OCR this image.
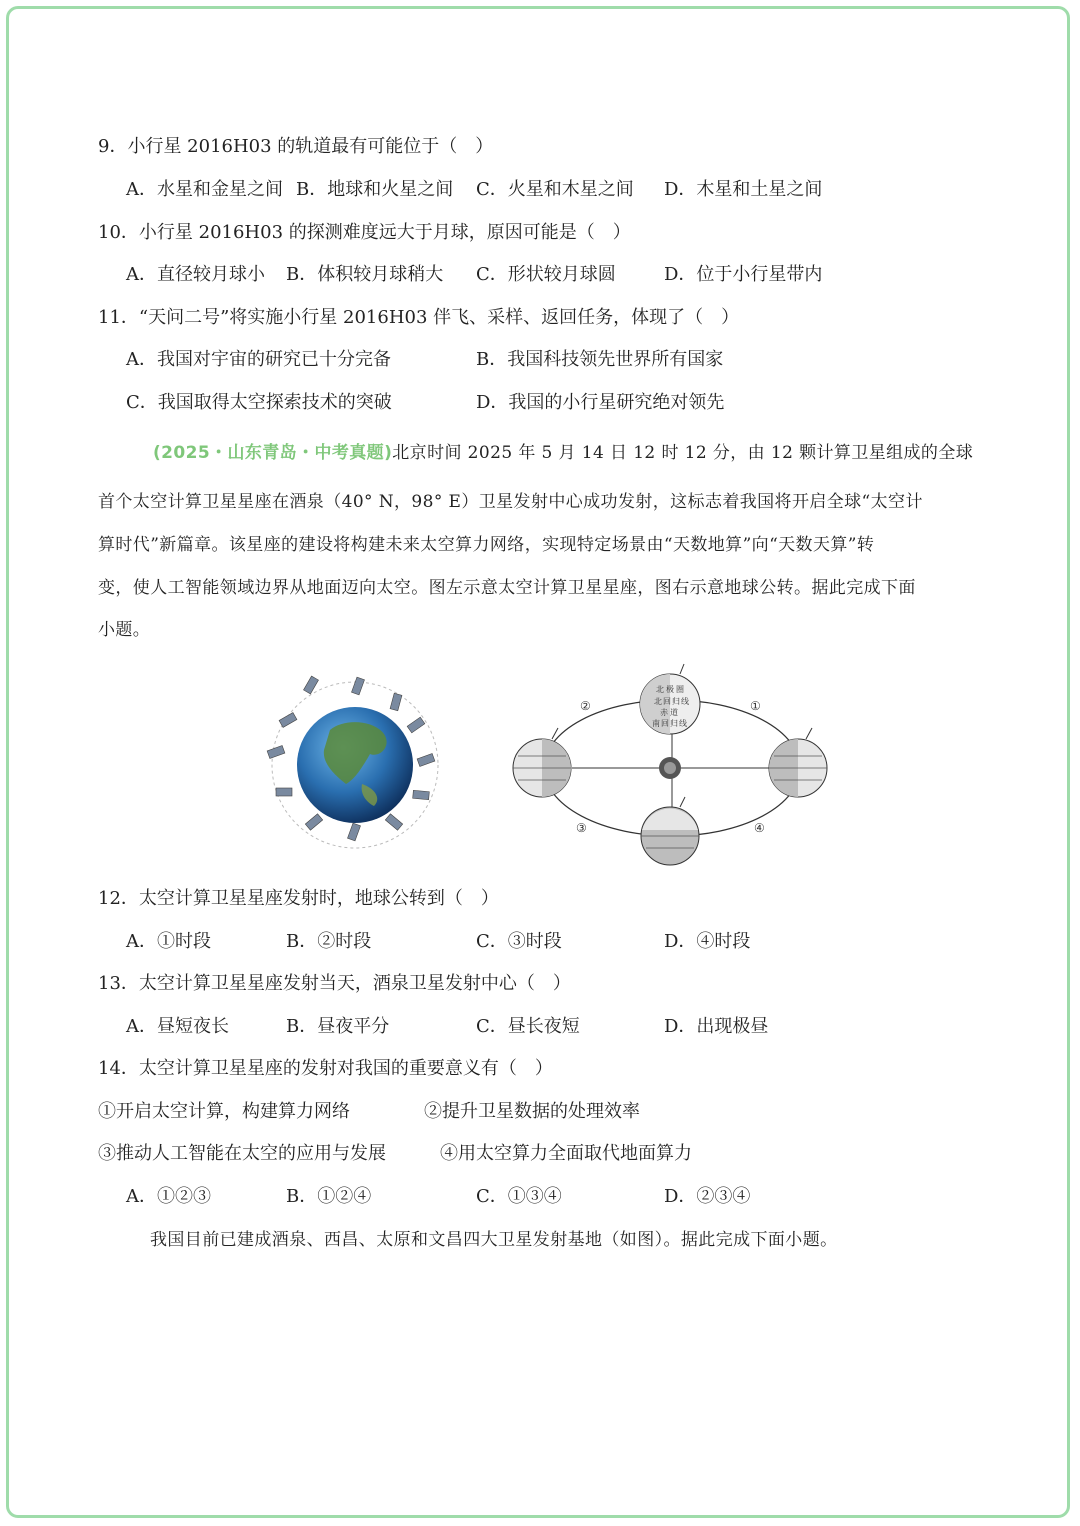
9．小行星 2016H03 的轨道最有可能位于（　）
A．水星和金星之间 B．地球和火星之间 C．火星和木星之间 D．木星和土星之间
10．小行星 2016H03 的探测难度远大于月球，原因可能是（　）
A．直径较月球小 B．体积较月球稍大 C．形状较月球圆	D．位于小行星带内
11．“天问二号”将实施小行星 2016H03 伴飞、采样、返回任务，体现了（　）
A．我国对宇宙的研究已十分完备	B．我国科技领先世界所有国家
C．我国取得太空探索技术的突破	D．我国的小行星研究绝对领先
(2025・山东青岛・中考真题)北京时间 2025 年 5 月 14 日 12 时 12 分，由 12 颗计算卫星组成的全球
首个太空计算卫星星座在酒泉（40° N，98° E）卫星发射中心成功发射，这标志着我国将开启全球“太空计
算时代”新篇章。该星座的建设将构建未来太空算力网络，实现特定场景由“天数地算”向“天数天算”转
变，使人工智能领域边界从地面迈向太空。图左示意太空计算卫星星座，图右示意地球公转。据此完成下面
小题。
北 极 圈
北 回 归 线
赤 道
南 回 归 线
①
②
③	④
12．太空计算卫星星座发射时，地球公转到（　）
A．①时段	B．②时段	C．③时段	D．④时段
13．太空计算卫星星座发射当天，酒泉卫星发射中心（　）
A．昼短夜长	B．昼夜平分	C．昼长夜短	D．出现极昼
14．太空计算卫星星座的发射对我国的重要意义有（　）
①开启太空计算，构建算力网络	②提升卫星数据的处理效率
③推动人工智能在太空的应用与发展	④用太空算力全面取代地面算力
A．①②③	B．①②④	C．①③④	D．②③④
我国目前已建成酒泉、西昌、太原和文昌四大卫星发射基地（如图）。据此完成下面小题。
